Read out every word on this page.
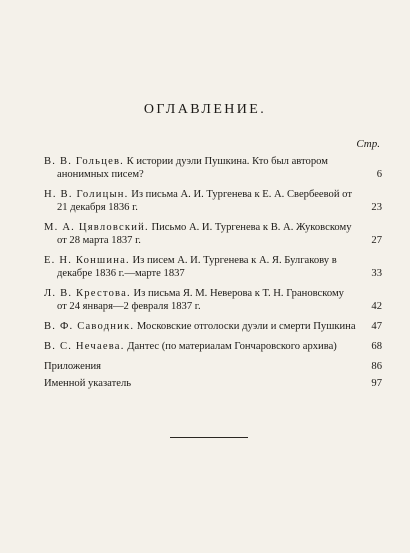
ОГЛАВЛЕНИЕ.
Стр.
В. В. Гольцев. К истории дуэли Пушкина. Кто был автором анонимных писем?	6
Н. В. Голицын. Из письма А. И. Тургенева к Е. А. Свербеевой от 21 декабря 1836 г.	23
М. А. Цявловский. Письмо А. И. Тургенева к В. А. Жуковскому от 28 марта 1837 г.	27
Е. Н. Коншина. Из писем А. И. Тургенева к А. Я. Булгакову в декабре 1836 г.—марте 1837	33
Л. В. Крестова. Из письма Я. М. Неверова к Т. Н. Грановскому от 24 января—2 февраля 1837 г.	42
В. Ф. Саводник. Московские отголоски дуэли и смерти Пушкина 47
В. С. Нечаева. Дантес (по материалам Гончаровского архива)	68
Приложения	86
Именной указатель	97
